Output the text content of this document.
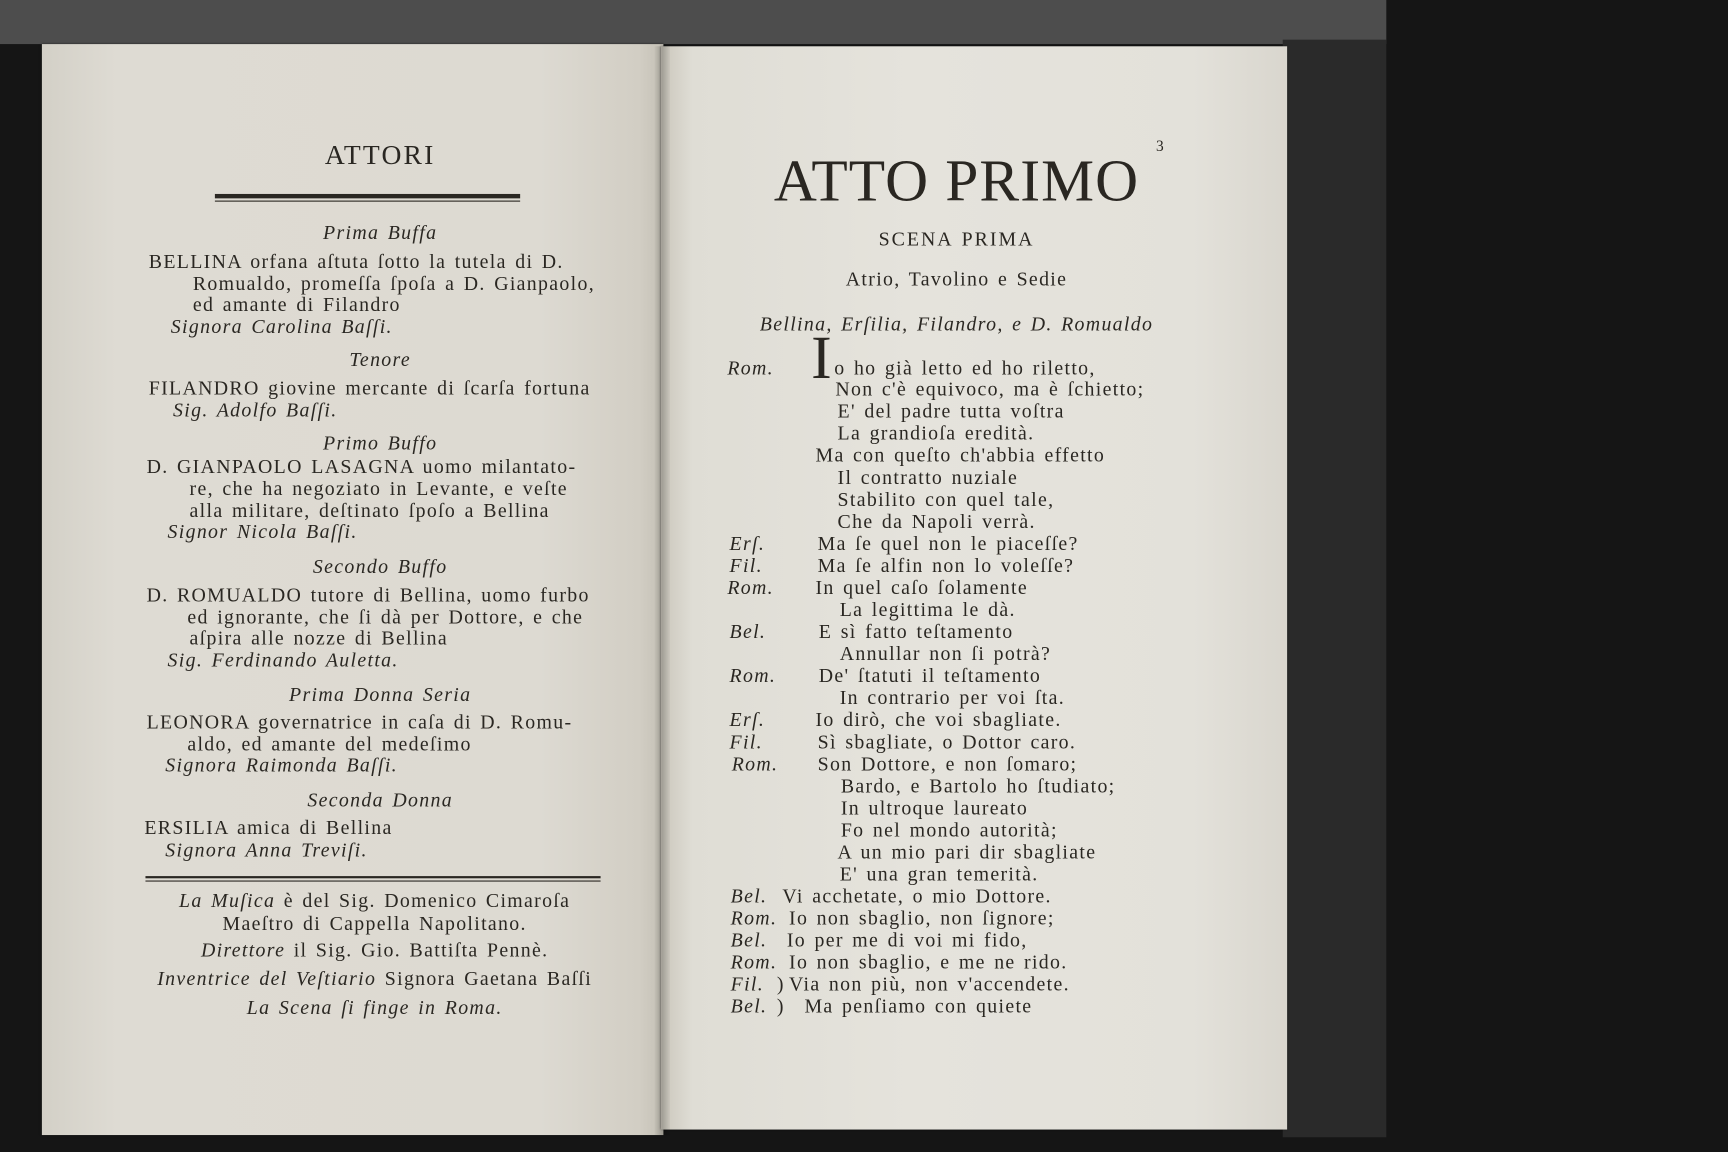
ATTORI
Prima Buffa
BELLINA orfana aſtuta ſotto la tutela di D.
Romualdo, promeſſa ſpoſa a D. Gianpaolo,
ed amante di Filandro
Signora Carolina Baſſi.
Tenore
FILANDRO giovine mercante di ſcarſa fortuna
Sig. Adolfo Baſſi.
Primo Buffo
D. GIANPAOLO LASAGNA uomo milantato-
re, che ha negoziato in Levante, e veſte
alla militare, deſtinato ſpoſo a Bellina
Signor Nicola Baſſi.
Secondo Buffo
D. ROMUALDO tutore di Bellina, uomo furbo
ed ignorante, che ſi dà per Dottore, e che
aſpira alle nozze di Bellina
Sig. Ferdinando Auletta.
Prima Donna Seria
LEONORA governatrice in caſa di D. Romu-
aldo, ed amante del medeſimo
Signora Raimonda Baſſi.
Seconda Donna
ERSILIA amica di Bellina
Signora Anna Treviſi.
La Muſica è del Sig. Domenico Cimaroſa
Maeſtro di Cappella Napolitano.
Direttore il Sig. Gio. Battiſta Pennè.
Inventrice del Veſtiario Signora Gaetana Baſſi
La Scena ſi finge in Roma.
3
ATTO PRIMO
SCENA PRIMA
Atrio, Tavolino e Sedie
Bellina, Erſilia, Filandro, e D. Romualdo
Rom. I o ho già letto ed ho riletto,
Non c'è equivoco, ma è ſchietto;
E' del padre tutta voſtra
La grandioſa eredità.
Ma con queſto ch'abbia effetto
Il contratto nuziale
Stabilito con quel tale,
Che da Napoli verrà.
Erſ.	Ma ſe quel non le piaceſſe?
Fil.	Ma ſe alfin non lo voleſſe?
Rom. In quel caſo ſolamente
La legittima le dà.
Bel.	E sì fatto teſtamento
Annullar non ſi potrà?
Rom. De' ſtatuti il teſtamento
In contrario per voi ſta.
Erſ.	Io dirò, che voi sbagliate.
Fil.	Sì sbagliate, o Dottor caro.
Rom. Son Dottore, e non ſomaro;
Bardo, e Bartolo ho ſtudiato;
In ultroque laureato
Fo nel mondo autorità;
A un mio pari dir sbagliate
E' una gran temerità.
Bel. Vi acchetate, o mio Dottore.
Rom. Io non sbaglio, non ſignore;
Bel. Io per me di voi mi fido,
Rom. Io non sbaglio, e me ne rido.
Fil. ) Via non più, non v'accendete.
Bel. ) Ma penſiamo con quiete
